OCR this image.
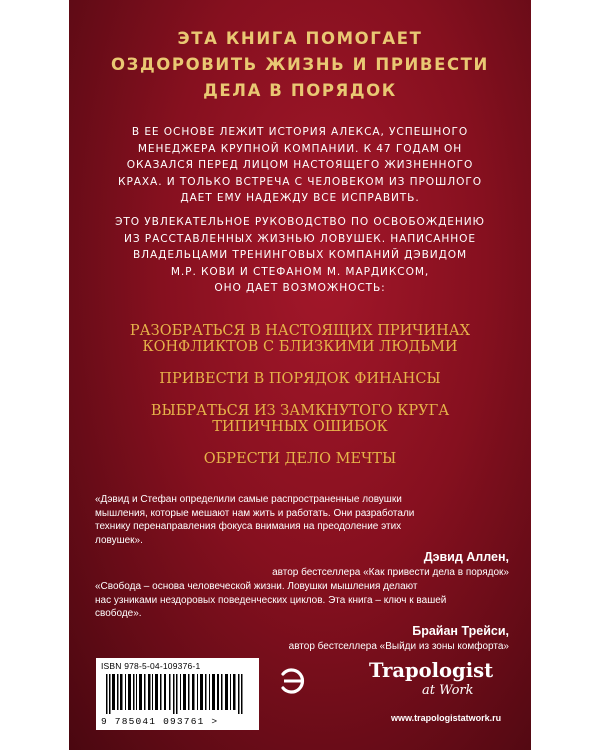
ЭТА КНИГА ПОМОГАЕТ
ОЗДОРОВИТЬ ЖИЗНЬ И ПРИВЕСТИ
ДЕЛА В ПОРЯДОК
В ЕЕ ОСНОВЕ ЛЕЖИТ ИСТОРИЯ АЛЕКСА, УСПЕШНОГО
МЕНЕДЖЕРА КРУПНОЙ КОМПАНИИ. К 47 ГОДАМ ОН
ОКАЗАЛСЯ ПЕРЕД ЛИЦОМ НАСТОЯЩЕГО ЖИЗНЕННОГО
КРАХА. И ТОЛЬКО ВСТРЕЧА С ЧЕЛОВЕКОМ ИЗ ПРОШЛОГО
ДАЕТ ЕМУ НАДЕЖДУ ВСЕ ИСПРАВИТЬ.
ЭТО УВЛЕКАТЕЛЬНОЕ РУКОВОДСТВО ПО ОСВОБОЖДЕНИЮ
ИЗ РАССТАВЛЕННЫХ ЖИЗНЬЮ ЛОВУШЕК. НАПИСАННОЕ
ВЛАДЕЛЬЦАМИ ТРЕНИНГОВЫХ КОМПАНИЙ ДЭВИДОМ
М.Р. КОВИ И СТЕФАНОМ М. МАРДИКСОМ,
ОНО ДАЕТ ВОЗМОЖНОСТЬ:
РАЗОБРАТЬСЯ В НАСТОЯЩИХ ПРИЧИНАХ
КОНФЛИКТОВ С БЛИЗКИМИ ЛЮДЬМИ
ПРИВЕСТИ В ПОРЯДОК ФИНАНСЫ
ВЫБРАТЬСЯ ИЗ ЗАМКНУТОГО КРУГА
ТИПИЧНЫХ ОШИБОК
ОБРЕСТИ ДЕЛО МЕЧТЫ
«Дэвид и Стефан определили самые распространенные ловушки
мышления, которые мешают нам жить и работать. Они разработали
технику перенаправления фокуса внимания на преодоление этих
ловушек».
Дэвид Аллен,
автор бестселлера «Как привести дела в порядок»
«Свобода – основа человеческой жизни. Ловушки мышления делают
нас узниками нездоровых поведенческих циклов. Эта книга – ключ к вашей
свободе».
Брайан Трейси,
автор бестселлера «Выйди из зоны комфорта»
ISBN 978-5-04-109376-1
9 785041 093761 >
Trapologist
at Work
www.trapologistatwork.ru
